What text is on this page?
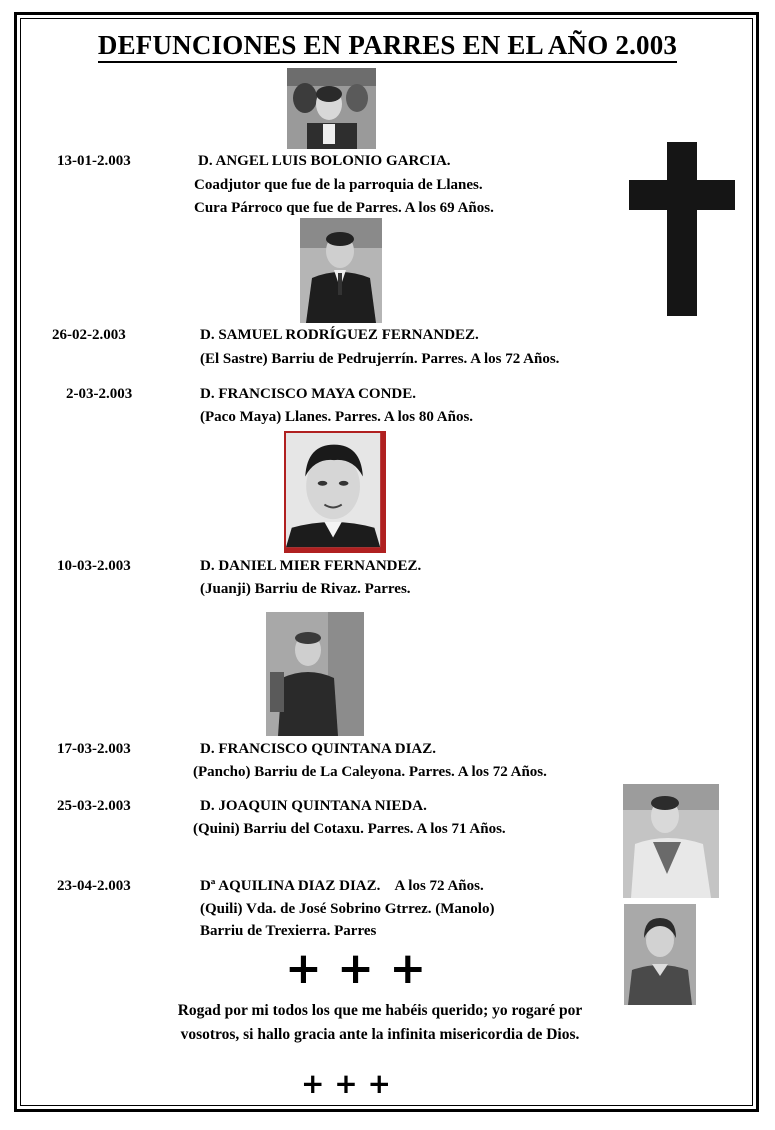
DEFUNCIONES EN PARRES EN EL AÑO 2.003
13-01-2.003	D. ANGEL LUIS BOLONIO GARCIA.
Coadjutor que fue de la parroquia de Llanes.
Cura Párroco que fue de Parres. A los 69 Años.
26-02-2.003	D. SAMUEL RODRÍGUEZ FERNANDEZ.
(El Sastre) Barriu de Pedrujerrín. Parres. A los 72 Años.
2-03-2.003	D. FRANCISCO MAYA CONDE.
(Paco Maya) Llanes. Parres. A los 80 Años.
10-03-2.003	D. DANIEL MIER FERNANDEZ.
(Juanji) Barriu de Rivaz. Parres.
17-03-2.003	D. FRANCISCO QUINTANA DIAZ.
(Pancho) Barriu de La Caleyona. Parres. A los 72 Años.
25-03-2.003	D. JOAQUIN QUINTANA NIEDA.
(Quini) Barriu del Cotaxu. Parres. A los 71 Años.
23-04-2.003	Dª AQUILINA DIAZ DIAZ.    A los 72 Años.
(Quili) Vda. de José Sobrino Gtrrez. (Manolo)
Barriu de Trexierra. Parres
+ + +
Rogad por mi todos los que me habéis querido; yo rogaré por
vosotros, si hallo gracia ante la infinita misericordia de Dios.
+ + +
